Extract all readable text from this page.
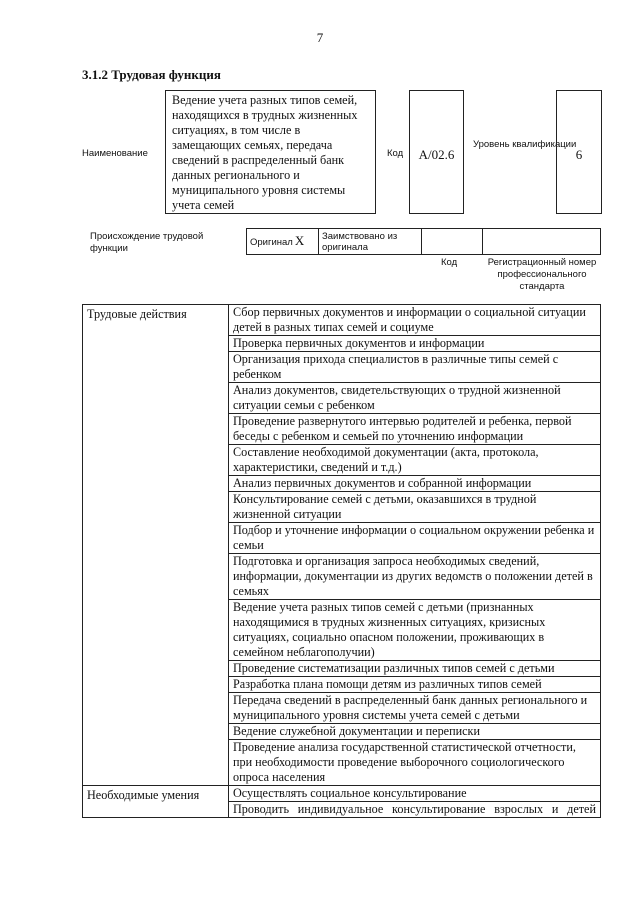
7
3.1.2 Трудовая функция
Наименование
Ведение учета разных типов семей, находящихся в трудных жизненных ситуациях, в том числе в замещающих семьях, передача сведений в распределенный банк данных регионального и муниципального уровня системы учета семей
Код	A/02.6
Уровень квалификации
6
Происхождение трудовой функции
Оригинал X	Заимствовано из оригинала		
Код	Регистрационный номер профессионального стандарта
Трудовые действия	Сбор первичных документов и информации о социальной ситуации детей в разных типах семей и социуме
	Проверка первичных документов и информации
	Организация прихода специалистов в различные типы семей с ребенком
	Анализ документов, свидетельствующих о трудной жизненной ситуации семьи с ребенком
	Проведение развернутого интервью родителей и ребенка, первой беседы с ребенком и семьей по уточнению информации
	Составление необходимой документации (акта, протокола, характеристики, сведений и т.д.)
	Анализ первичных документов и собранной информации
	Консультирование семей с детьми, оказавшихся в трудной жизненной ситуации
	Подбор и уточнение информации о социальном окружении ребенка и семьи
	Подготовка и организация запроса необходимых сведений, информации, документации из других ведомств о положении детей в семьях
	Ведение учета разных типов семей с детьми (признанных находящимися в трудных жизненных ситуациях, кризисных ситуациях, социально опасном положении, проживающих в семейном неблагополучии)
	Проведение систематизации различных типов семей с детьми
	Разработка плана помощи детям из различных типов семей
	Передача сведений в распределенный банк данных регионального и муниципального уровня системы учета семей с детьми
	Ведение служебной документации и переписки
	Проведение анализа государственной статистической отчетности, при необходимости проведение выборочного социологического опроса населения
Необходимые умения	Осуществлять социальное консультирование
	Проводить индивидуальное консультирование взрослых и детей
